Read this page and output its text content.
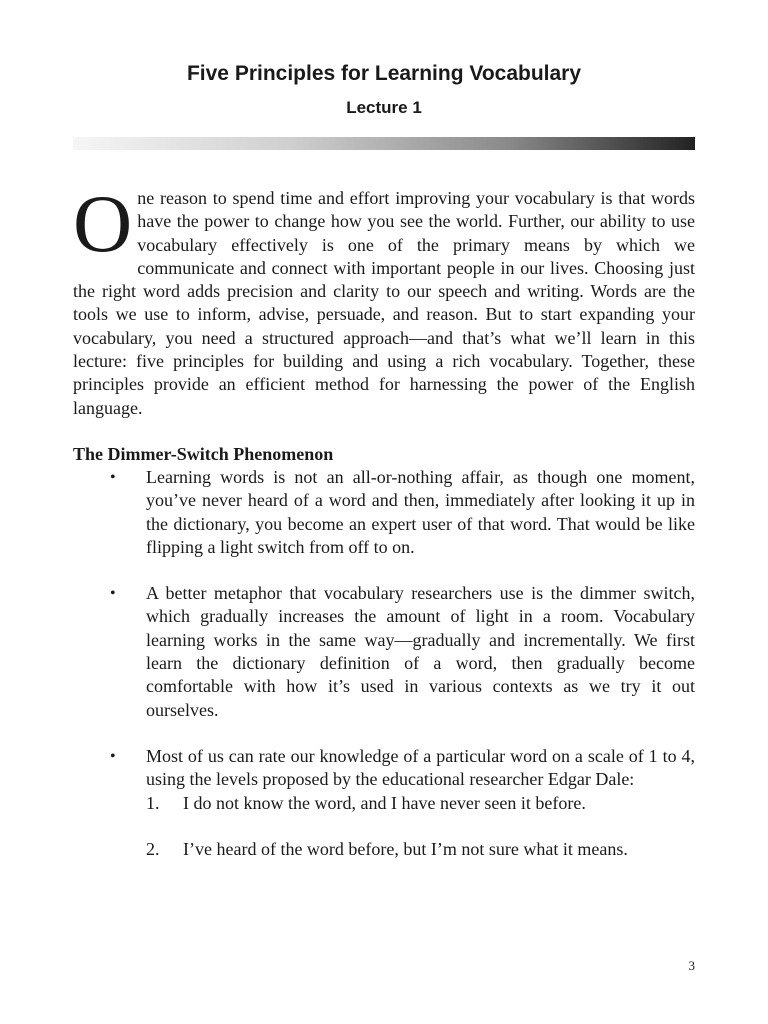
Five Principles for Learning Vocabulary
Lecture 1

One reason to spend time and effort improving your vocabulary is that words have the power to change how you see the world. Further, our ability to use vocabulary effectively is one of the primary means by which we communicate and connect with important people in our lives. Choosing just the right word adds precision and clarity to our speech and writing. Words are the tools we use to inform, advise, persuade, and reason. But to start expanding your vocabulary, you need a structured approach—and that’s what we’ll learn in this lecture: five principles for building and using a rich vocabulary. Together, these principles provide an efficient method for harnessing the power of the English language.

The Dimmer-Switch Phenomenon
• Learning words is not an all-or-nothing affair, as though one moment, you’ve never heard of a word and then, immediately after looking it up in the dictionary, you become an expert user of that word. That would be like flipping a light switch from off to on.
• A better metaphor that vocabulary researchers use is the dimmer switch, which gradually increases the amount of light in a room. Vocabulary learning works in the same way—gradually and incrementally. We first learn the dictionary definition of a word, then gradually become comfortable with how it’s used in various contexts as we try it out ourselves.
• Most of us can rate our knowledge of a particular word on a scale of 1 to 4, using the levels proposed by the educational researcher Edgar Dale:
1. I do not know the word, and I have never seen it before.
2. I’ve heard of the word before, but I’m not sure what it means.
3
